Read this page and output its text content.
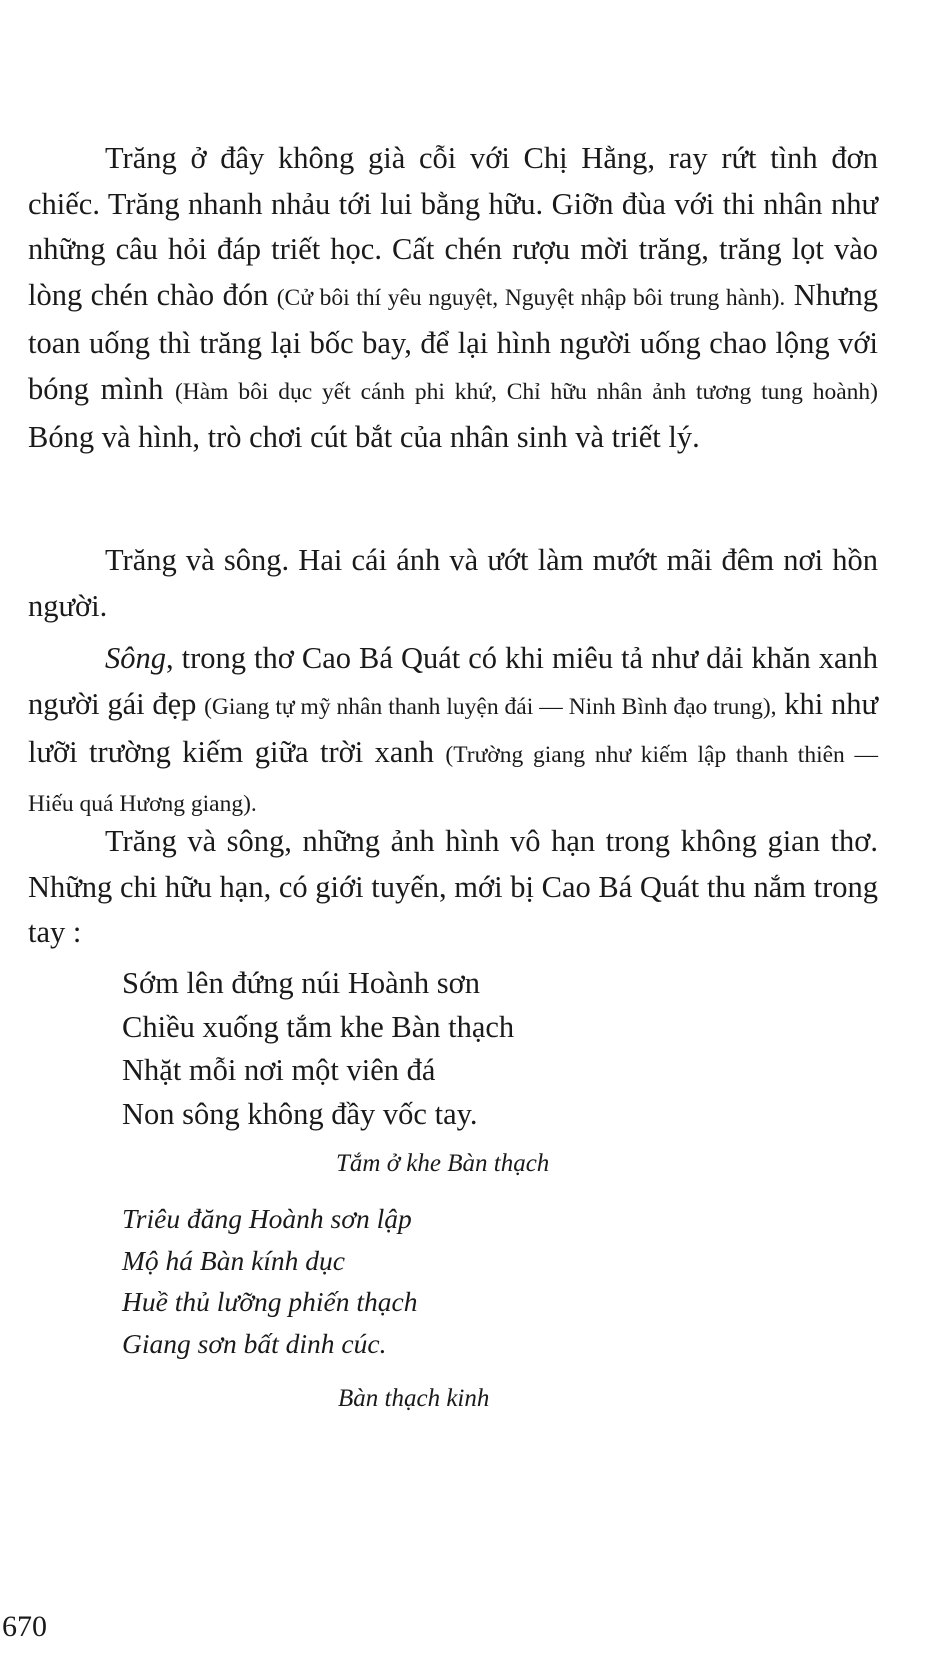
Trăng ở đây không già cỗi với Chị Hằng, ray rứt tình đơn chiếc. Trăng nhanh nhảu tới lui bằng hữu. Giỡn đùa với thi nhân như những câu hỏi đáp triết học. Cất chén rượu mời trăng, trăng lọt vào lòng chén chào đón (Cử bôi thí yêu nguyệt, Nguyệt nhập bôi trung hành). Nhưng toan uống thì trăng lại bốc bay, để lại hình người uống chao lộng với bóng mình (Hàm bôi dục yết cánh phi khứ, Chỉ hữu nhân ảnh tương tung hoành) Bóng và hình, trò chơi cút bắt của nhân sinh và triết lý.

Trăng và sông. Hai cái ánh và ướt làm mướt mãi đêm nơi hồn người.

Sông, trong thơ Cao Bá Quát có khi miêu tả như dải khăn xanh người gái đẹp (Giang tự mỹ nhân thanh luyện đái — Ninh Bình đạo trung), khi như lưỡi trường kiếm giữa trời xanh (Trường giang như kiếm lập thanh thiên — Hiếu quá Hương giang).

Trăng và sông, những ảnh hình vô hạn trong không gian thơ. Những chi hữu hạn, có giới tuyến, mới bị Cao Bá Quát thu nắm trong tay :

Sớm lên đứng núi Hoành sơn
Chiều xuống tắm khe Bàn thạch
Nhặt mỗi nơi một viên đá
Non sông không đầy vốc tay.

Tắm ở khe Bàn thạch

Triêu đăng Hoành sơn lập
Mộ há Bàn kính dục
Huề thủ lưỡng phiến thạch
Giang sơn bất dinh cúc.

Bàn thạch kinh

670
